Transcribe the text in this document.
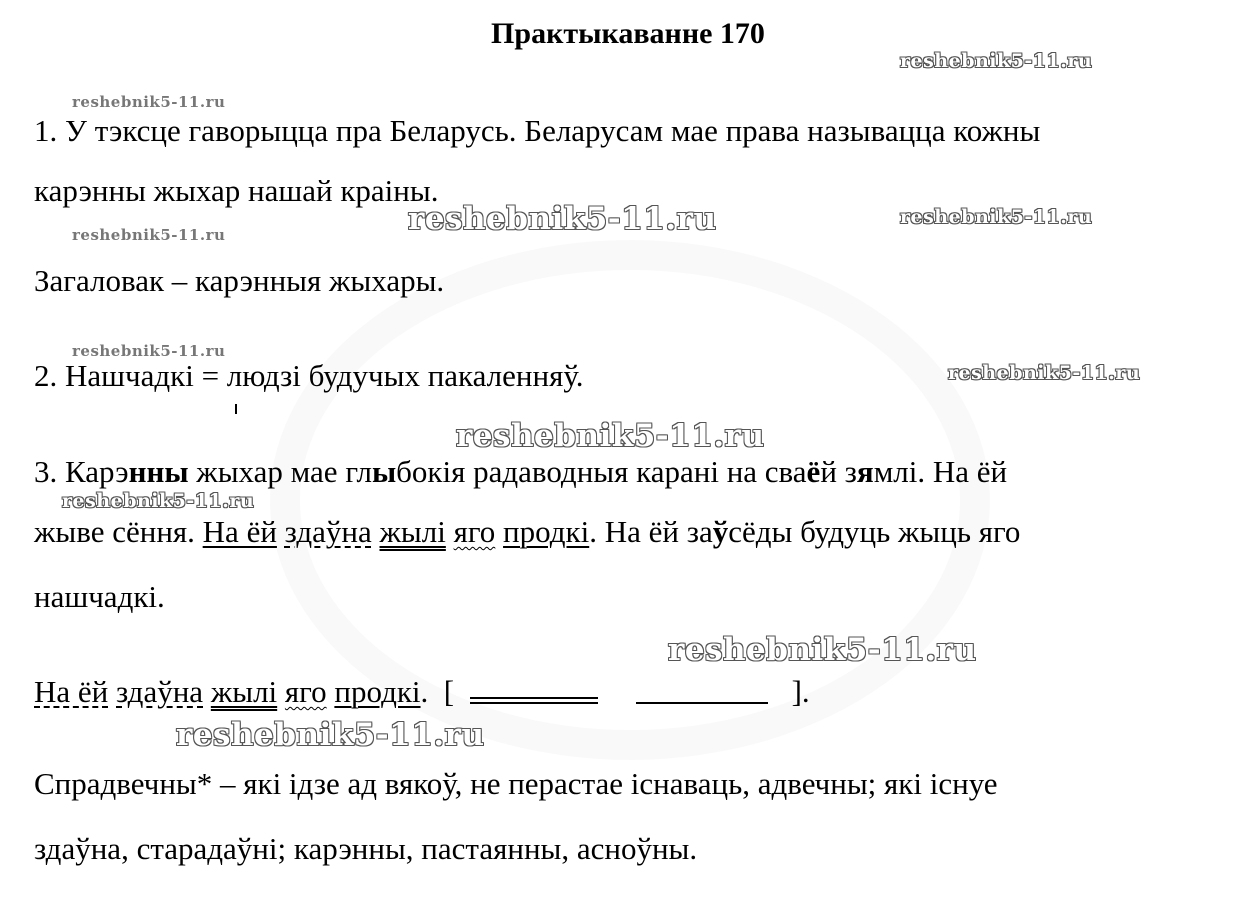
Практыкаванне 170
reshebnik5-11.ru
reshebnik5-11.ru
reshebnik5-11.ru	reshebnik5-11.ru
reshebnik5-11.ru
reshebnik5-11.ru
reshebnik5-11.ru
reshebnik5-11.ru
reshebnik5-11.ru
reshebnik5-11.ru
reshebnik5-11.ru
1. У тэксце гаворыцца пра Беларусь. Беларусам мае права называцца кожны
карэнны жыхар нашай краіны.
Загаловак – карэнныя жыхары.
2. Нашчадкі = людзі будучых пакаленняў.
3. Карэнны жыхар мае глыбокія радаводныя карані на сваёй зямлі. На ёй
жыве сёння. На ёй здаўна жылі яго продкі. На ёй заўсёды будуць жыць яго
нашчадкі.
На ёй здаўна жылі яго продкі. [	].
Спрадвечны* – які ідзе ад вякоў, не перастае існаваць, адвечны; які існуе
здаўна, старадаўні; карэнны, пастаянны, асноўны.
